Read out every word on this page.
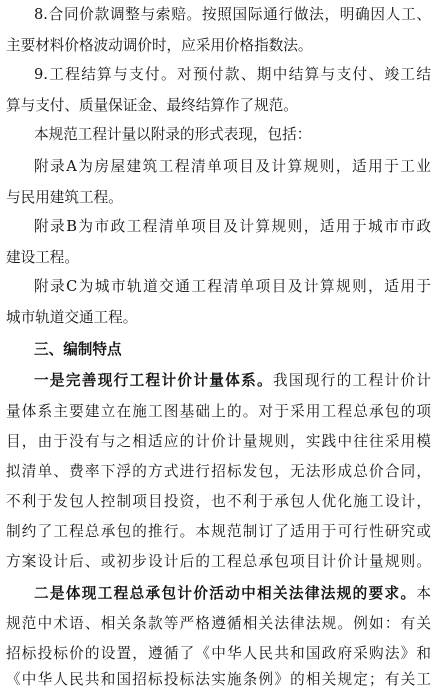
8.合同价款调整与索赔。按照国际通行做法，明确因人工、
主要材料价格波动调价时，应采用价格指数法。
9.工程结算与支付。对预付款、期中结算与支付、竣工结
算与支付、质量保证金、最终结算作了规范。
本规范工程计量以附录的形式表现，包括：
附录A为房屋建筑工程清单项目及计算规则，适用于工业
与民用建筑工程。
附录B为市政工程清单项目及计算规则，适用于城市市政
建设工程。
附录C为城市轨道交通工程清单项目及计算规则，适用于
城市轨道交通工程。
三、编制特点
一是完善现行工程计价计量体系。我国现行的工程计价计
量体系主要建立在施工图基础上的。对于采用工程总承包的项
目，由于没有与之相适应的计价计量规则，实践中往往采用模
拟清单、费率下浮的方式进行招标发包，无法形成总价合同，
不利于发包人控制项目投资，也不利于承包人优化施工设计，
制约了工程总承包的推行。本规范制订了适用于可行性研究或
方案设计后、或初步设计后的工程总承包项目计价计量规则。
二是体现工程总承包计价活动中相关法律法规的要求。本
规范中术语、相关条款等严格遵循相关法律法规。例如：有关
招标投标价的设置，遵循了《中华人民共和国政府采购法》和
《中华人民共和国招标投标法实施条例》的相关规定；有关工
